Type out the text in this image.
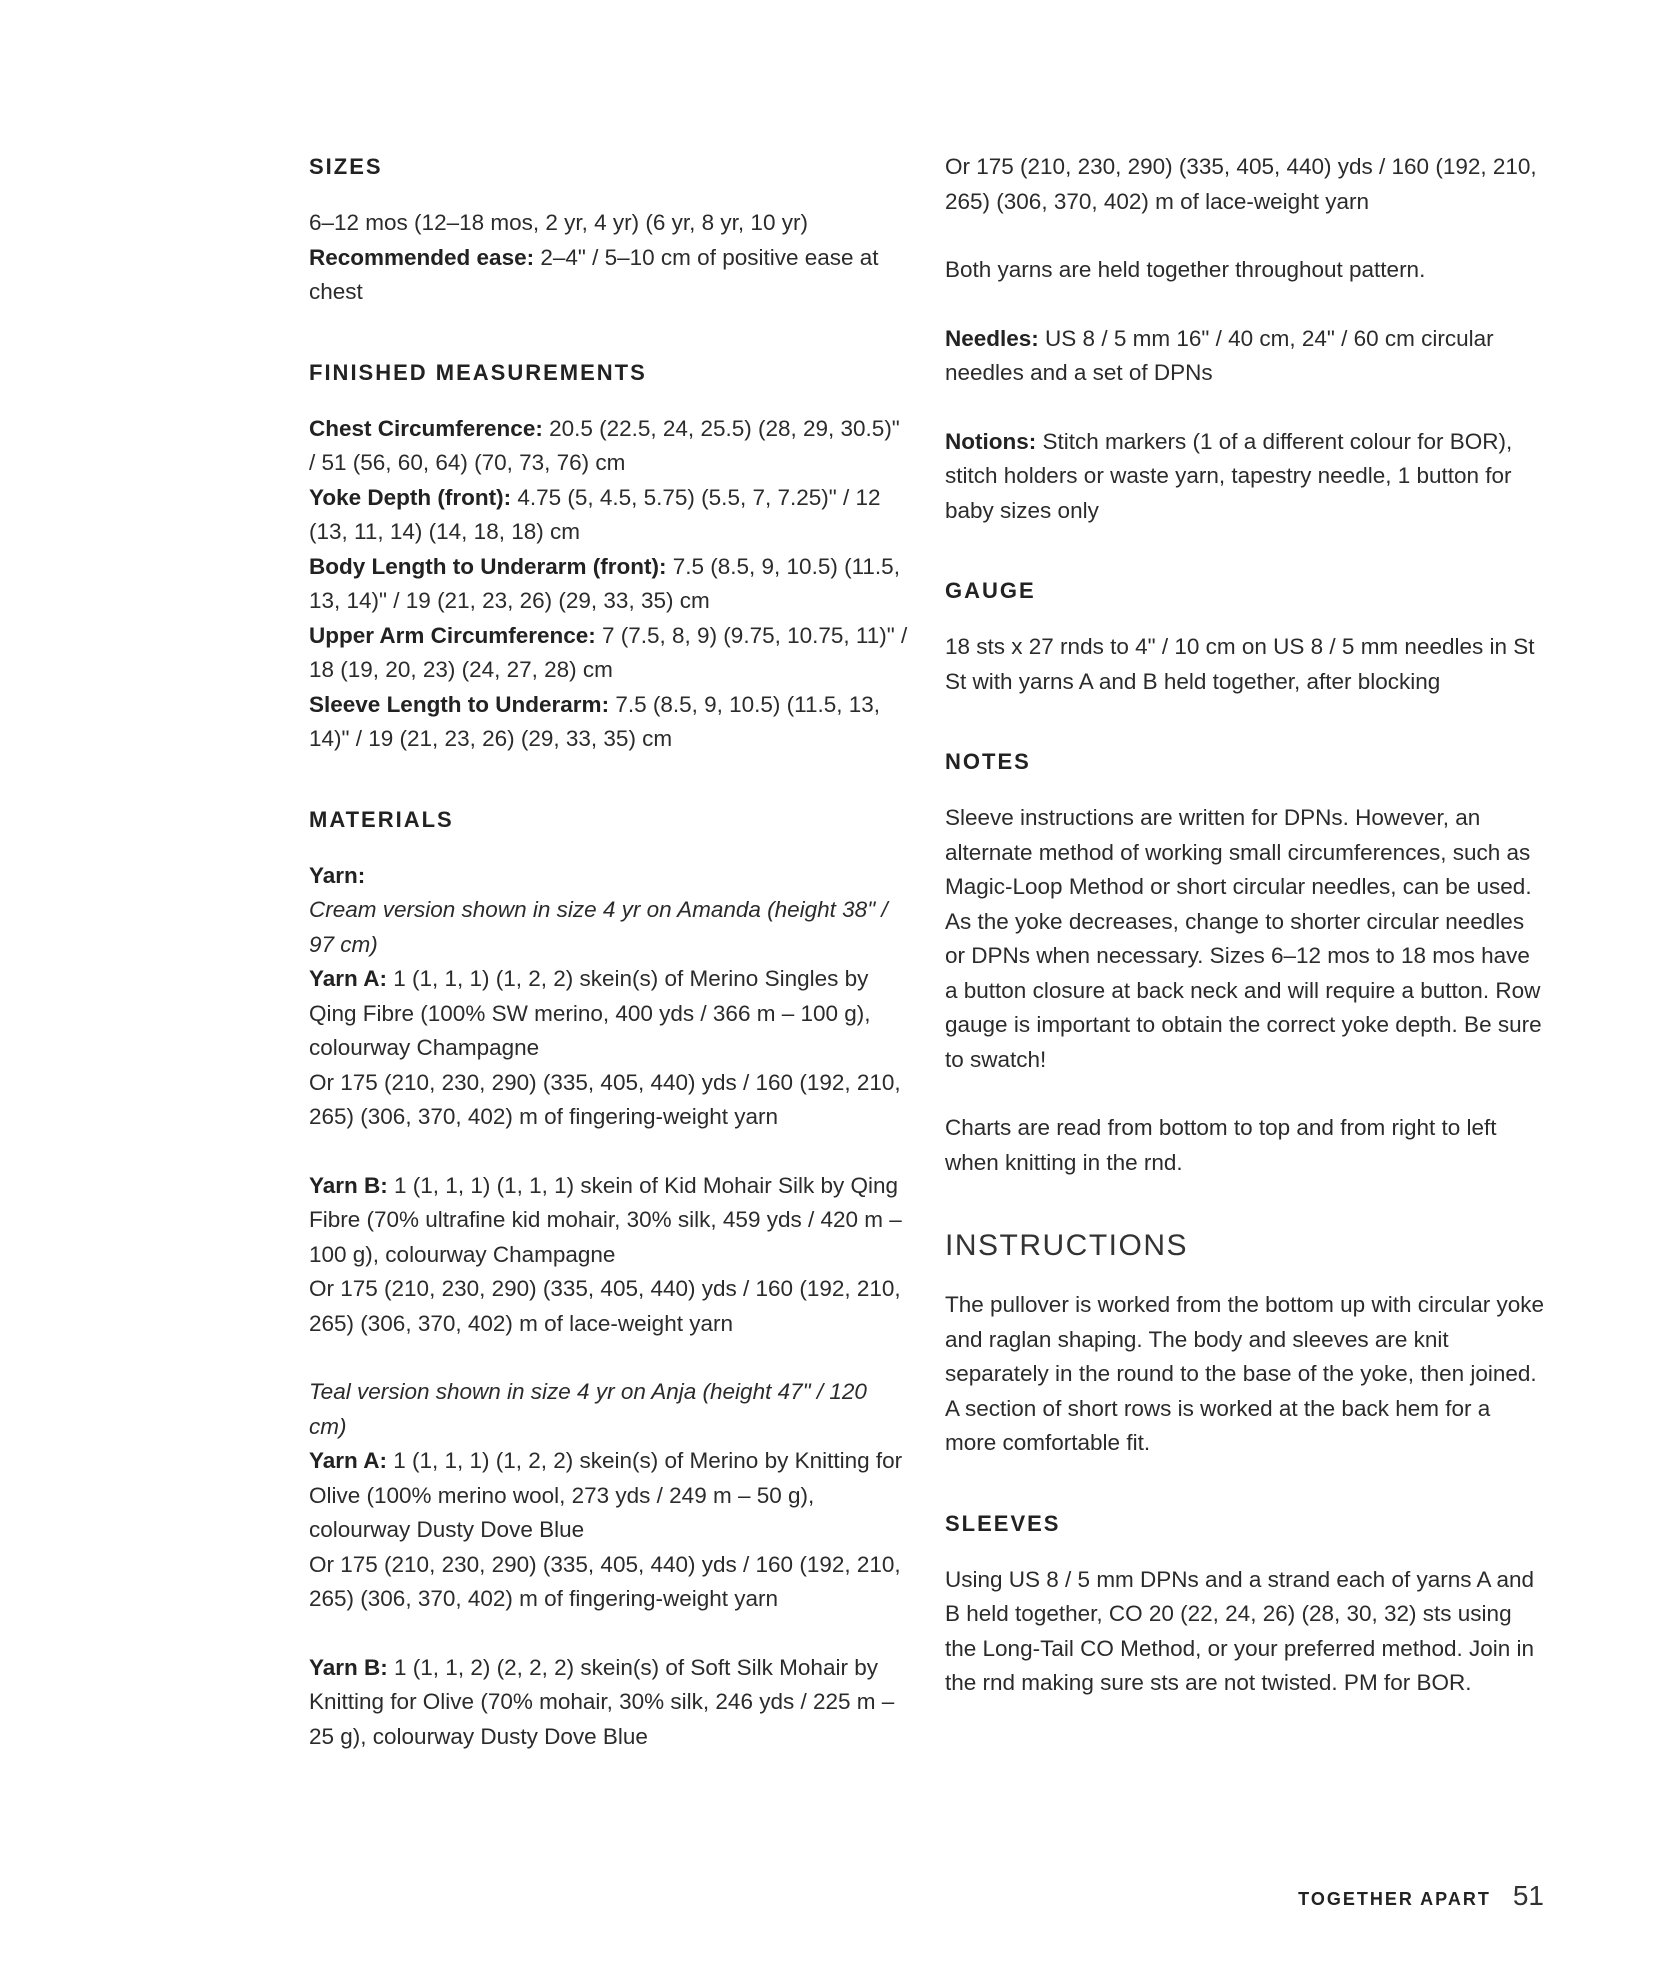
SIZES

6–12 mos (12–18 mos, 2 yr, 4 yr) (6 yr, 8 yr, 10 yr)

Recommended ease: 2–4" / 5–10 cm of positive ease at chest

FINISHED MEASUREMENTS

Chest Circumference: 20.5 (22.5, 24, 25.5) (28, 29, 30.5)" / 51 (56, 60, 64) (70, 73, 76) cm

Yoke Depth (front): 4.75 (5, 4.5, 5.75) (5.5, 7, 7.25)" / 12 (13, 11, 14) (14, 18, 18) cm

Body Length to Underarm (front): 7.5 (8.5, 9, 10.5) (11.5, 13, 14)" / 19 (21, 23, 26) (29, 33, 35) cm

Upper Arm Circumference: 7 (7.5, 8, 9) (9.75, 10.75, 11)" / 18 (19, 20, 23) (24, 27, 28) cm

Sleeve Length to Underarm: 7.5 (8.5, 9, 10.5) (11.5, 13, 14)" / 19 (21, 23, 26) (29, 33, 35) cm

MATERIALS

Yarn:

Cream version shown in size 4 yr on Amanda (height 38" / 97 cm)

Yarn A: 1 (1, 1, 1) (1, 2, 2) skein(s) of Merino Singles by Qing Fibre (100% SW merino, 400 yds / 366 m – 100 g), colourway Champagne

Or 175 (210, 230, 290) (335, 405, 440) yds / 160 (192, 210, 265) (306, 370, 402) m of fingering-weight yarn

Yarn B: 1 (1, 1, 1) (1, 1, 1) skein of Kid Mohair Silk by Qing Fibre (70% ultrafine kid mohair, 30% silk, 459 yds / 420 m – 100 g), colourway Champagne

Or 175 (210, 230, 290) (335, 405, 440) yds / 160 (192, 210, 265) (306, 370, 402) m of lace-weight yarn

Teal version shown in size 4 yr on Anja (height 47" / 120 cm)

Yarn A: 1 (1, 1, 1) (1, 2, 2) skein(s) of Merino by Knitting for Olive (100% merino wool, 273 yds / 249 m – 50 g), colourway Dusty Dove Blue

Or 175 (210, 230, 290) (335, 405, 440) yds / 160 (192, 210, 265) (306, 370, 402) m of fingering-weight yarn

Yarn B: 1 (1, 1, 2) (2, 2, 2) skein(s) of Soft Silk Mohair by Knitting for Olive (70% mohair, 30% silk, 246 yds / 225 m – 25 g), colourway Dusty Dove Blue

Or 175 (210, 230, 290) (335, 405, 440) yds / 160 (192, 210, 265) (306, 370, 402) m of lace-weight yarn

Both yarns are held together throughout pattern.

Needles: US 8 / 5 mm 16" / 40 cm, 24" / 60 cm circular needles and a set of DPNs

Notions: Stitch markers (1 of a different colour for BOR), stitch holders or waste yarn, tapestry needle, 1 button for baby sizes only

GAUGE

18 sts x 27 rnds to 4" / 10 cm on US 8 / 5 mm needles in St St with yarns A and B held together, after blocking

NOTES

Sleeve instructions are written for DPNs. However, an alternate method of working small circumferences, such as Magic-Loop Method or short circular needles, can be used. As the yoke decreases, change to shorter circular needles or DPNs when necessary. Sizes 6–12 mos to 18 mos have a button closure at back neck and will require a button. Row gauge is important to obtain the correct yoke depth. Be sure to swatch!

Charts are read from bottom to top and from right to left when knitting in the rnd.

INSTRUCTIONS

The pullover is worked from the bottom up with circular yoke and raglan shaping. The body and sleeves are knit separately in the round to the base of the yoke, then joined. A section of short rows is worked at the back hem for a more comfortable fit.

SLEEVES

Using US 8 / 5 mm DPNs and a strand each of yarns A and B held together, CO 20 (22, 24, 26) (28, 30, 32) sts using the Long-Tail CO Method, or your preferred method. Join in the rnd making sure sts are not twisted. PM for BOR.

TOGETHER APART 51
